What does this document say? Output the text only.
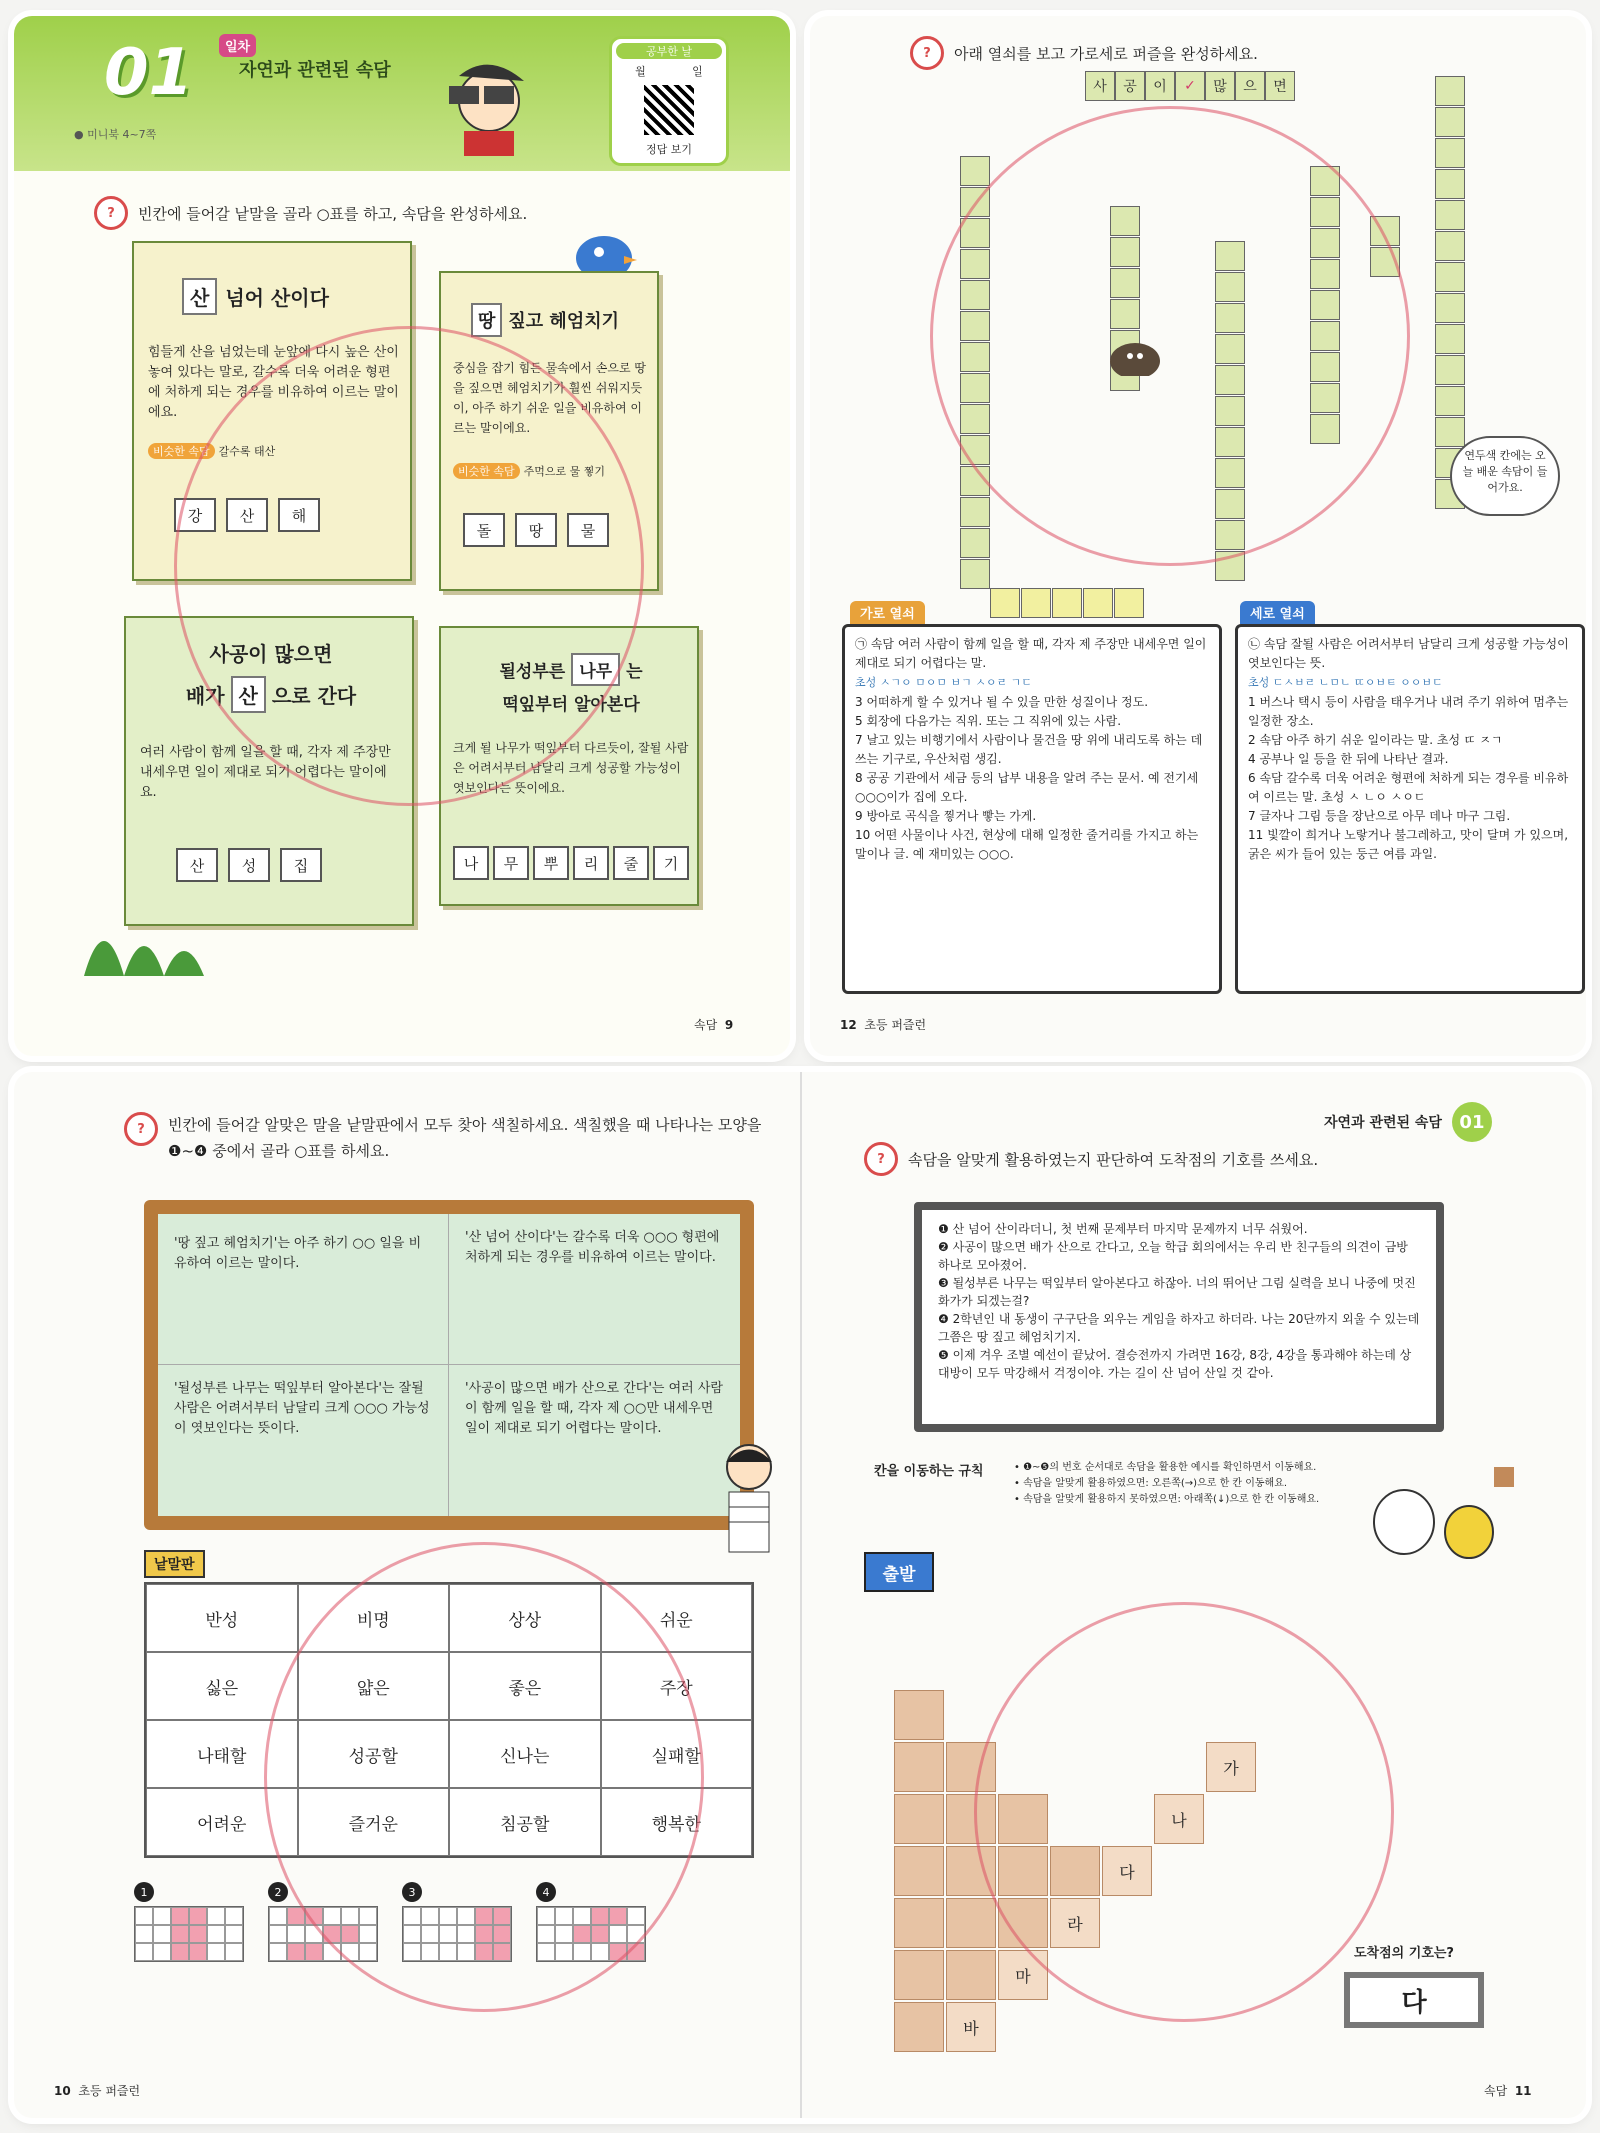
01	일차
자연과 관련된 속담
공부한 날
월	일
정답 보기
● 미니북 4~7쪽
?	빈칸에 들어갈 낱말을 골라 ○표를 하고, 속담을 완성하세요.
산 넘어 산이다
힘들게 산을 넘었는데 눈앞에 다시 높은 산이 놓여 있다는 말로, 갈수록 더욱 어려운 형편에 처하게 되는 경우를 비유하여 이르는 말이에요.
비슷한 속담 갈수록 태산
강	산	해
땅 짚고 헤엄치기
중심을 잡기 힘든 물속에서 손으로 땅을 짚으면 헤엄치기가 훨씬 쉬워지듯이, 아주 하기 쉬운 일을 비유하여 이르는 말이에요.
비슷한 속담 주먹으로 물 찧기
돌	땅	물
사공이 많으면
배가 산 으로 간다
여러 사람이 함께 일을 할 때, 각자 제 주장만 내세우면 일이 제대로 되기 어렵다는 말이에요.
산	성	집
될성부른 나무 는
떡잎부터 알아본다
크게 될 나무가 떡잎부터 다르듯이, 잘될 사람은 어려서부터 남달리 크게 성공할 가능성이 엿보인다는 뜻이에요.
나	무	뿌	리	줄	기
속담 9
?	아래 열쇠를 보고 가로세로 퍼즐을 완성하세요.
사	공	이	✓	많	으	면
연두색 칸에는 오늘 배운 속담이 들어가요.
가로 열쇠
㉠ 속담 여러 사람이 함께 일을 할 때, 각자 제 주장만 내세우면 일이 제대로 되기 어렵다는 말.
초성 ㅅㄱㅇ ㅁㅇㅁ ㅂㄱ ㅅㅇㄹ ㄱㄷ
3 어떠하게 할 수 있거나 될 수 있을 만한 성질이나 정도.
5 회장에 다음가는 직위. 또는 그 직위에 있는 사람.
7 날고 있는 비행기에서 사람이나 물건을 땅 위에 내리도록 하는 데 쓰는 기구로, 우산처럼 생김.
8 공공 기관에서 세금 등의 납부 내용을 알려 주는 문서. 예 전기세 ○○○이가 집에 오다.
9 방아로 곡식을 찧거나 빻는 가게.
10 어떤 사물이나 사건, 현상에 대해 일정한 줄거리를 가지고 하는 말이나 글. 예 재미있는 ○○○.
세로 열쇠
㉡ 속담 잘될 사람은 어려서부터 남달리 크게 성공할 가능성이 엿보인다는 뜻.
초성 ㄷㅅㅂㄹ ㄴㅁㄴ ㄸㅇㅂㅌ ㅇㅇㅂㄷ
1 버스나 택시 등이 사람을 태우거나 내려 주기 위하여 멈추는 일정한 장소.
2 속담 아주 하기 쉬운 일이라는 말. 초성 ㄸ ㅈㄱ
4 공부나 일 등을 한 뒤에 나타난 결과.
6 속담 갈수록 더욱 어려운 형편에 처하게 되는 경우를 비유하여 이르는 말. 초성 ㅅ ㄴㅇ ㅅㅇㄷ
7 글자나 그림 등을 장난으로 아무 데나 마구 그림.
11 빛깔이 희거나 노랗거나 불그레하고, 맛이 달며 가 있으며, 굵은 씨가 들어 있는 둥근 여름 과일.
12 초등 퍼즐런
?	빈칸에 들어갈 알맞은 말을 낱말판에서 모두 찾아 색칠하세요. 색칠했을 때 나타나는 모양을 ❶~❹ 중에서 골라 ○표를 하세요.
'땅 짚고 헤엄치기'는 아주 하기 ○○ 일을 비유하여 이르는 말이다.
'산 넘어 산이다'는 갈수록 더욱 ○○○ 형편에 처하게 되는 경우를 비유하여 이르는 말이다.
'될성부른 나무는 떡잎부터 알아본다'는 잘될 사람은 어려서부터 남달리 크게 ○○○ 가능성이 엿보인다는 뜻이다.
'사공이 많으면 배가 산으로 간다'는 여러 사람이 함께 일을 할 때, 각자 제 ○○만 내세우면 일이 제대로 되기 어렵다는 말이다.
낱말판
반성	비명	상상	쉬운
싫은	얇은	좋은	주장
나태할	성공할	신나는	실패할
어려운	즐거운	침공할	행복한
1	2	3	4
10 초등 퍼즐런
자연과 관련된 속담 01
?	속담을 알맞게 활용하였는지 판단하여 도착점의 기호를 쓰세요.
❶ 산 넘어 산이라더니, 첫 번째 문제부터 마지막 문제까지 너무 쉬웠어.
❷ 사공이 많으면 배가 산으로 간다고, 오늘 학급 회의에서는 우리 반 친구들의 의견이 금방 하나로 모아졌어.
❸ 될성부른 나무는 떡잎부터 알아본다고 하잖아. 너의 뛰어난 그림 실력을 보니 나중에 멋진 화가가 되겠는걸?
❹ 2학년인 내 동생이 구구단을 외우는 게임을 하자고 하더라. 나는 20단까지 외울 수 있는데 그쯤은 땅 짚고 헤엄치기지.
❺ 이제 겨우 조별 예선이 끝났어. 결승전까지 가려면 16강, 8강, 4강을 통과해야 하는데 상대방이 모두 막강해서 걱정이야. 가는 길이 산 넘어 산일 것 같아.
칸을 이동하는 규칙	• ❶~❺의 번호 순서대로 속담을 활용한 예시를 확인하면서 이동해요.
• 속담을 알맞게 활용하였으면: 오른쪽(→)으로 한 칸 이동해요.
• 속담을 알맞게 활용하지 못하였으면: 아래쪽(↓)으로 한 칸 이동해요.
출발
가
나
다
라
마
바
도착점의 기호는?
다
속담 11
